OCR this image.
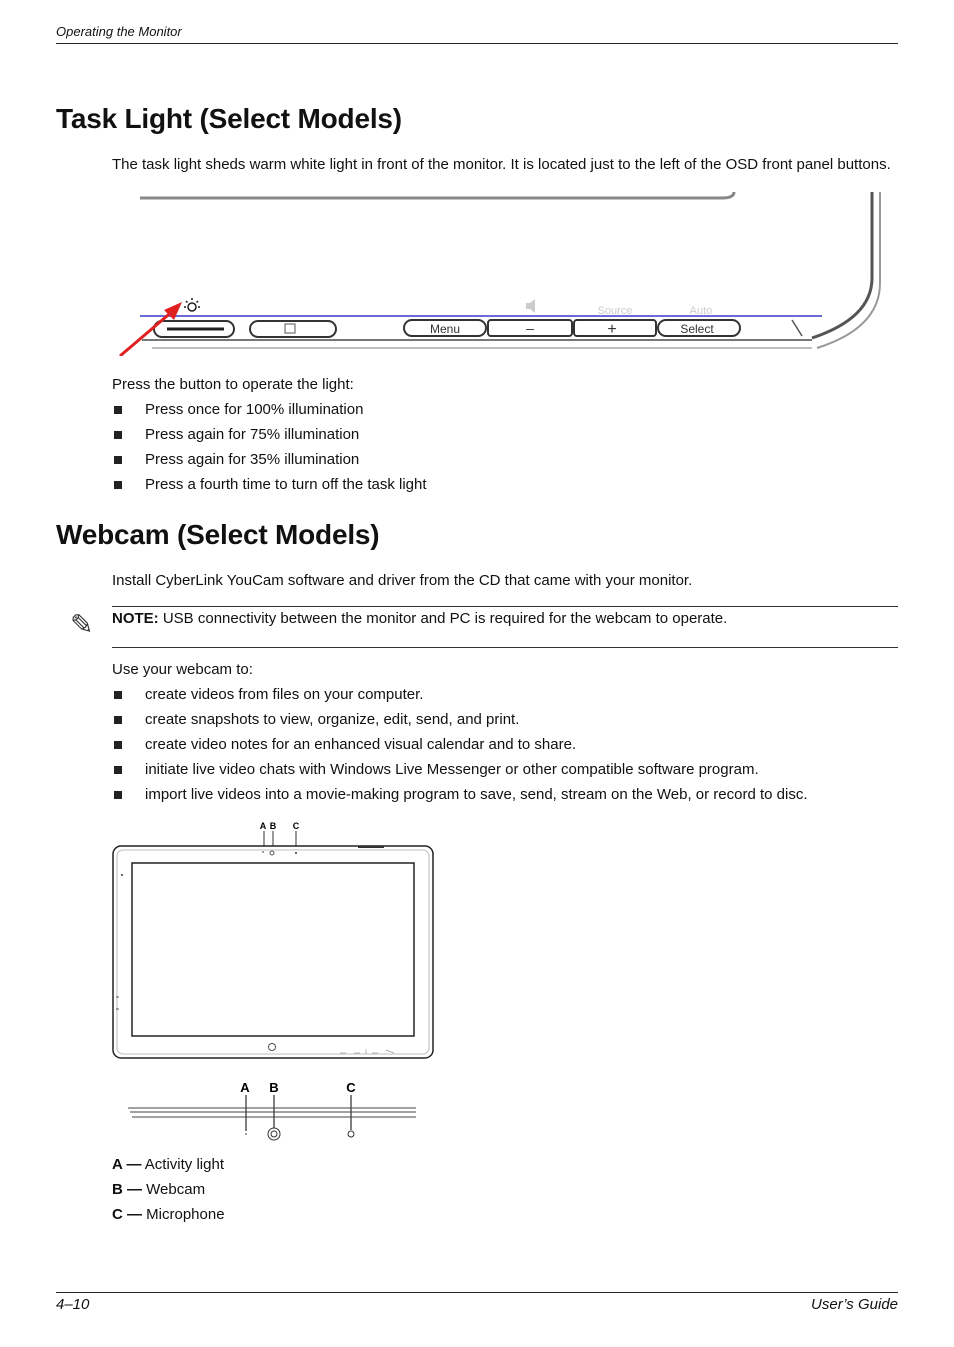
Operating the Monitor
Task Light (Select Models)
The task light sheds warm white light in front of the monitor. It is located just to the left of the OSD front panel buttons.
Menu	–	+	Select
Source	Auto
Press the button to operate the light:
Press once for 100% illumination
Press again for 75% illumination
Press again for 35% illumination
Press a fourth time to turn off the task light
Webcam (Select Models)
Install CyberLink YouCam software and driver from the CD that came with your monitor.
✎ NOTE: USB connectivity between the monitor and PC is required for the webcam to operate.
Use your webcam to:
create videos from files on your computer.
create snapshots to view, organize, edit, send, and print.
create video notes for an enhanced visual calendar and to share.
initiate live video chats with Windows Live Messenger or other compatible software program.
import live videos into a movie-making program to save, send, stream on the Web, or record to disc.
A B C
A B	C
A — Activity light
B — Webcam
C — Microphone
4–10	User’s Guide
